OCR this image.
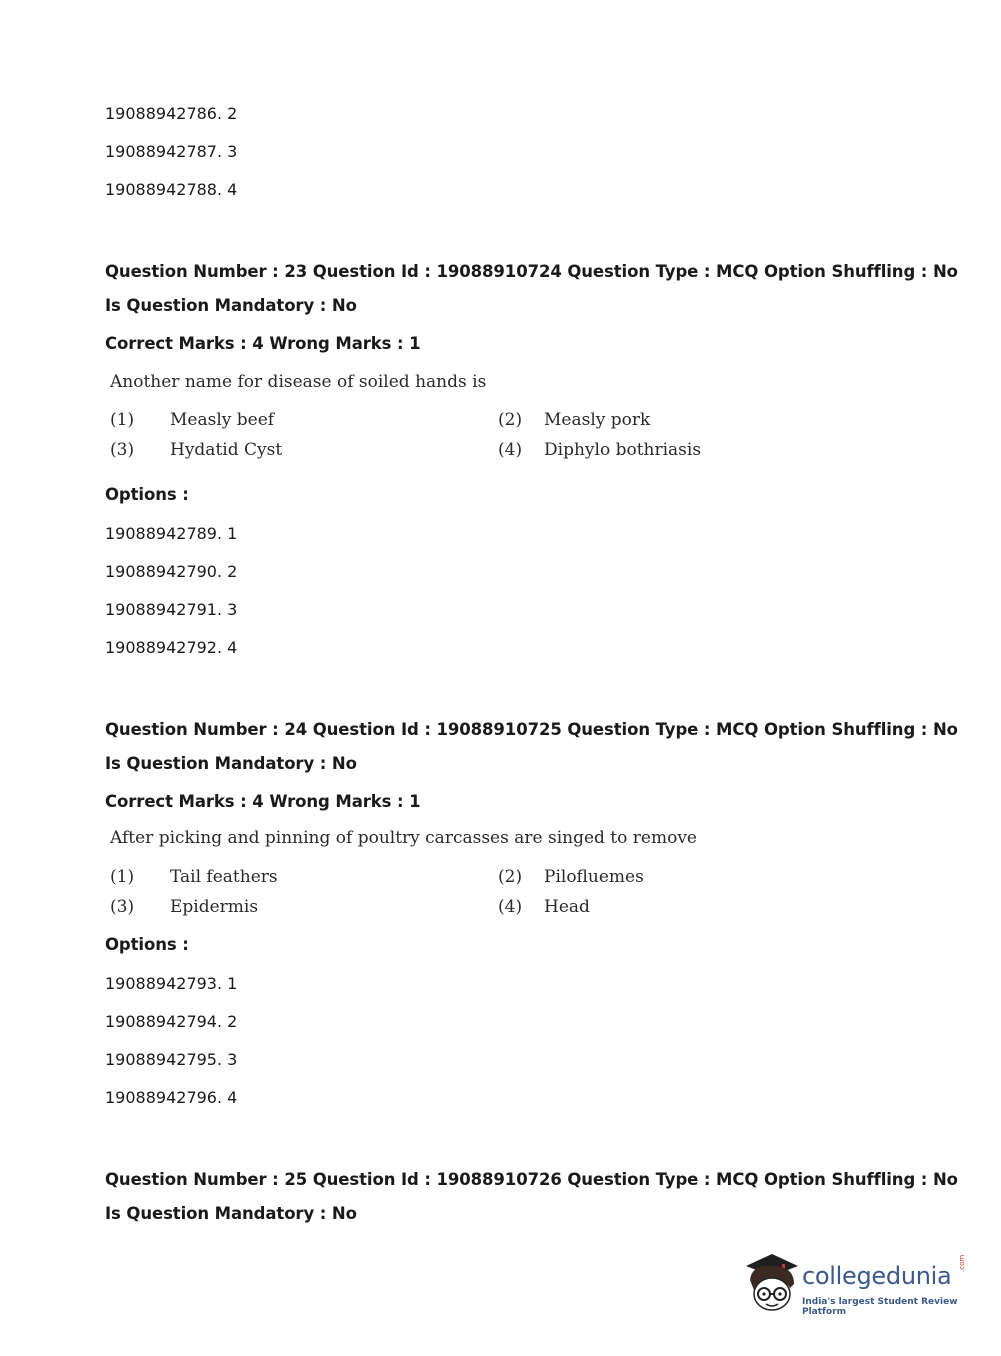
19088942786. 2
19088942787. 3
19088942788. 4
Question Number : 23 Question Id : 19088910724 Question Type : MCQ Option Shuffling : No
Is Question Mandatory : No
Correct Marks : 4 Wrong Marks : 1
Another name for disease of soiled hands is
(1)	Measly beef	(2)	Measly pork
(3)	Hydatid Cyst	(4)	Diphylo bothriasis
Options :
19088942789. 1
19088942790. 2
19088942791. 3
19088942792. 4
Question Number : 24 Question Id : 19088910725 Question Type : MCQ Option Shuffling : No
Is Question Mandatory : No
Correct Marks : 4 Wrong Marks : 1
After picking and pinning of poultry carcasses are singed to remove
(1)	Tail feathers	(2)	Pilofluemes
(3)	Epidermis	(4)	Head
Options :
19088942793. 1
19088942794. 2
19088942795. 3
19088942796. 4
Question Number : 25 Question Id : 19088910726 Question Type : MCQ Option Shuffling : No
Is Question Mandatory : No
collegedunia .com
India's largest Student Review Platform
